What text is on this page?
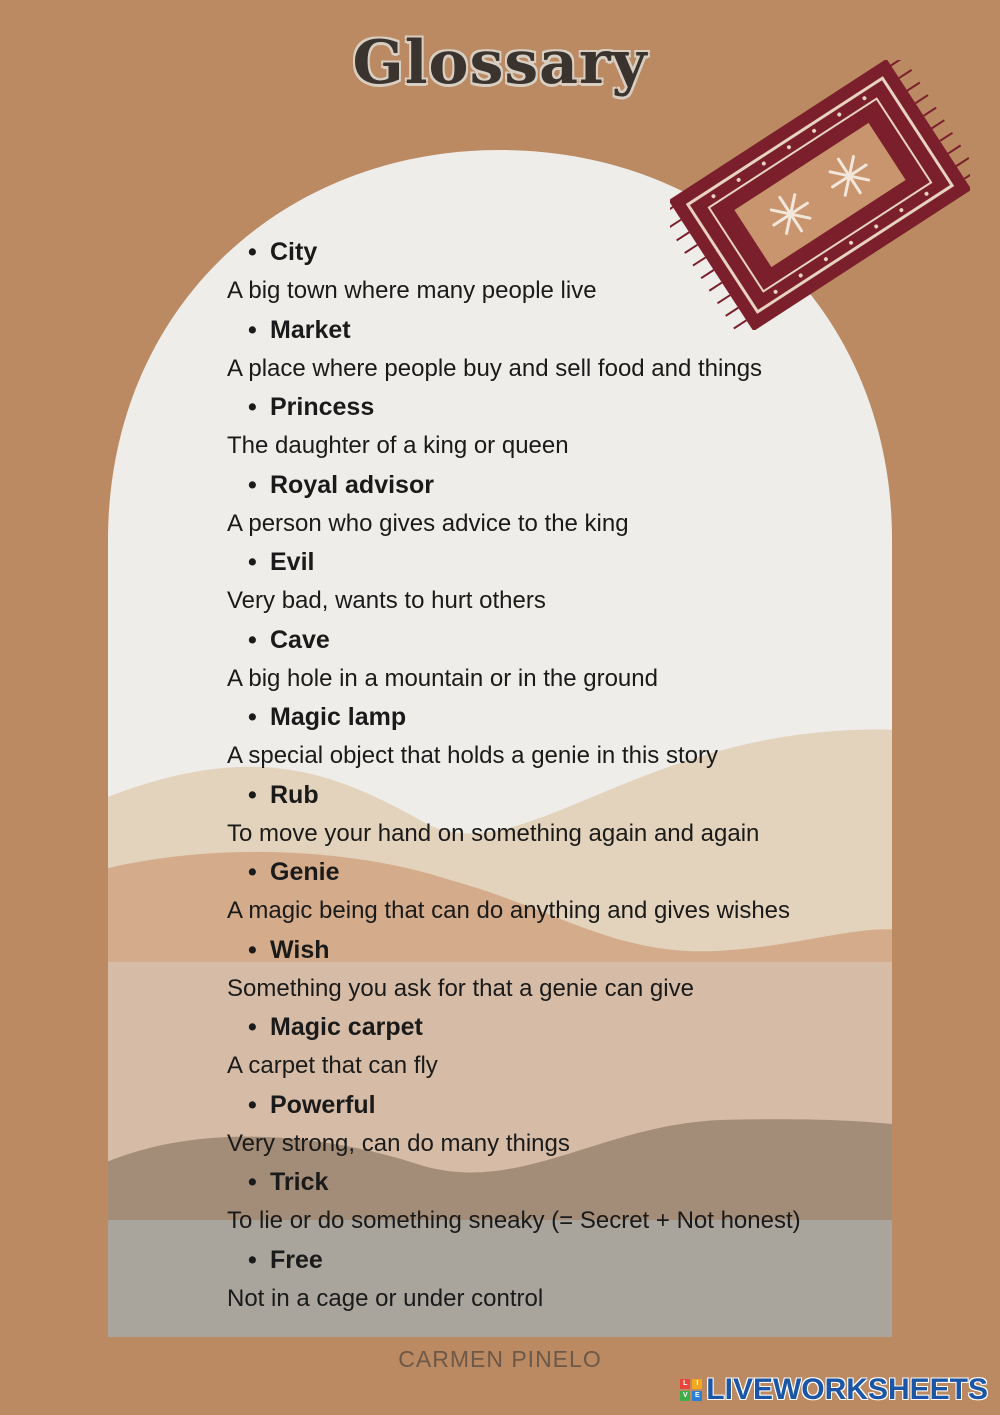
Glossary
• City
A big town where many people live
• Market
A place where people buy and sell food and things
• Princess
The daughter of a king or queen
• Royal advisor
A person who gives advice to the king
• Evil
Very bad, wants to hurt others
• Cave
A big hole in a mountain or in the ground
• Magic lamp
A special object that holds a genie in this story
• Rub
To move your hand on something again and again
• Genie
A magic being that can do anything and gives wishes
• Wish
Something you ask for that a genie can give
• Magic carpet
A carpet that can fly
• Powerful
Very strong, can do many things
• Trick
To lie or do something sneaky (= Secret + Not honest)
• Free
Not in a cage or under control
CARMEN PINELO
L	I
V	E LIVEWORKSHEETS
